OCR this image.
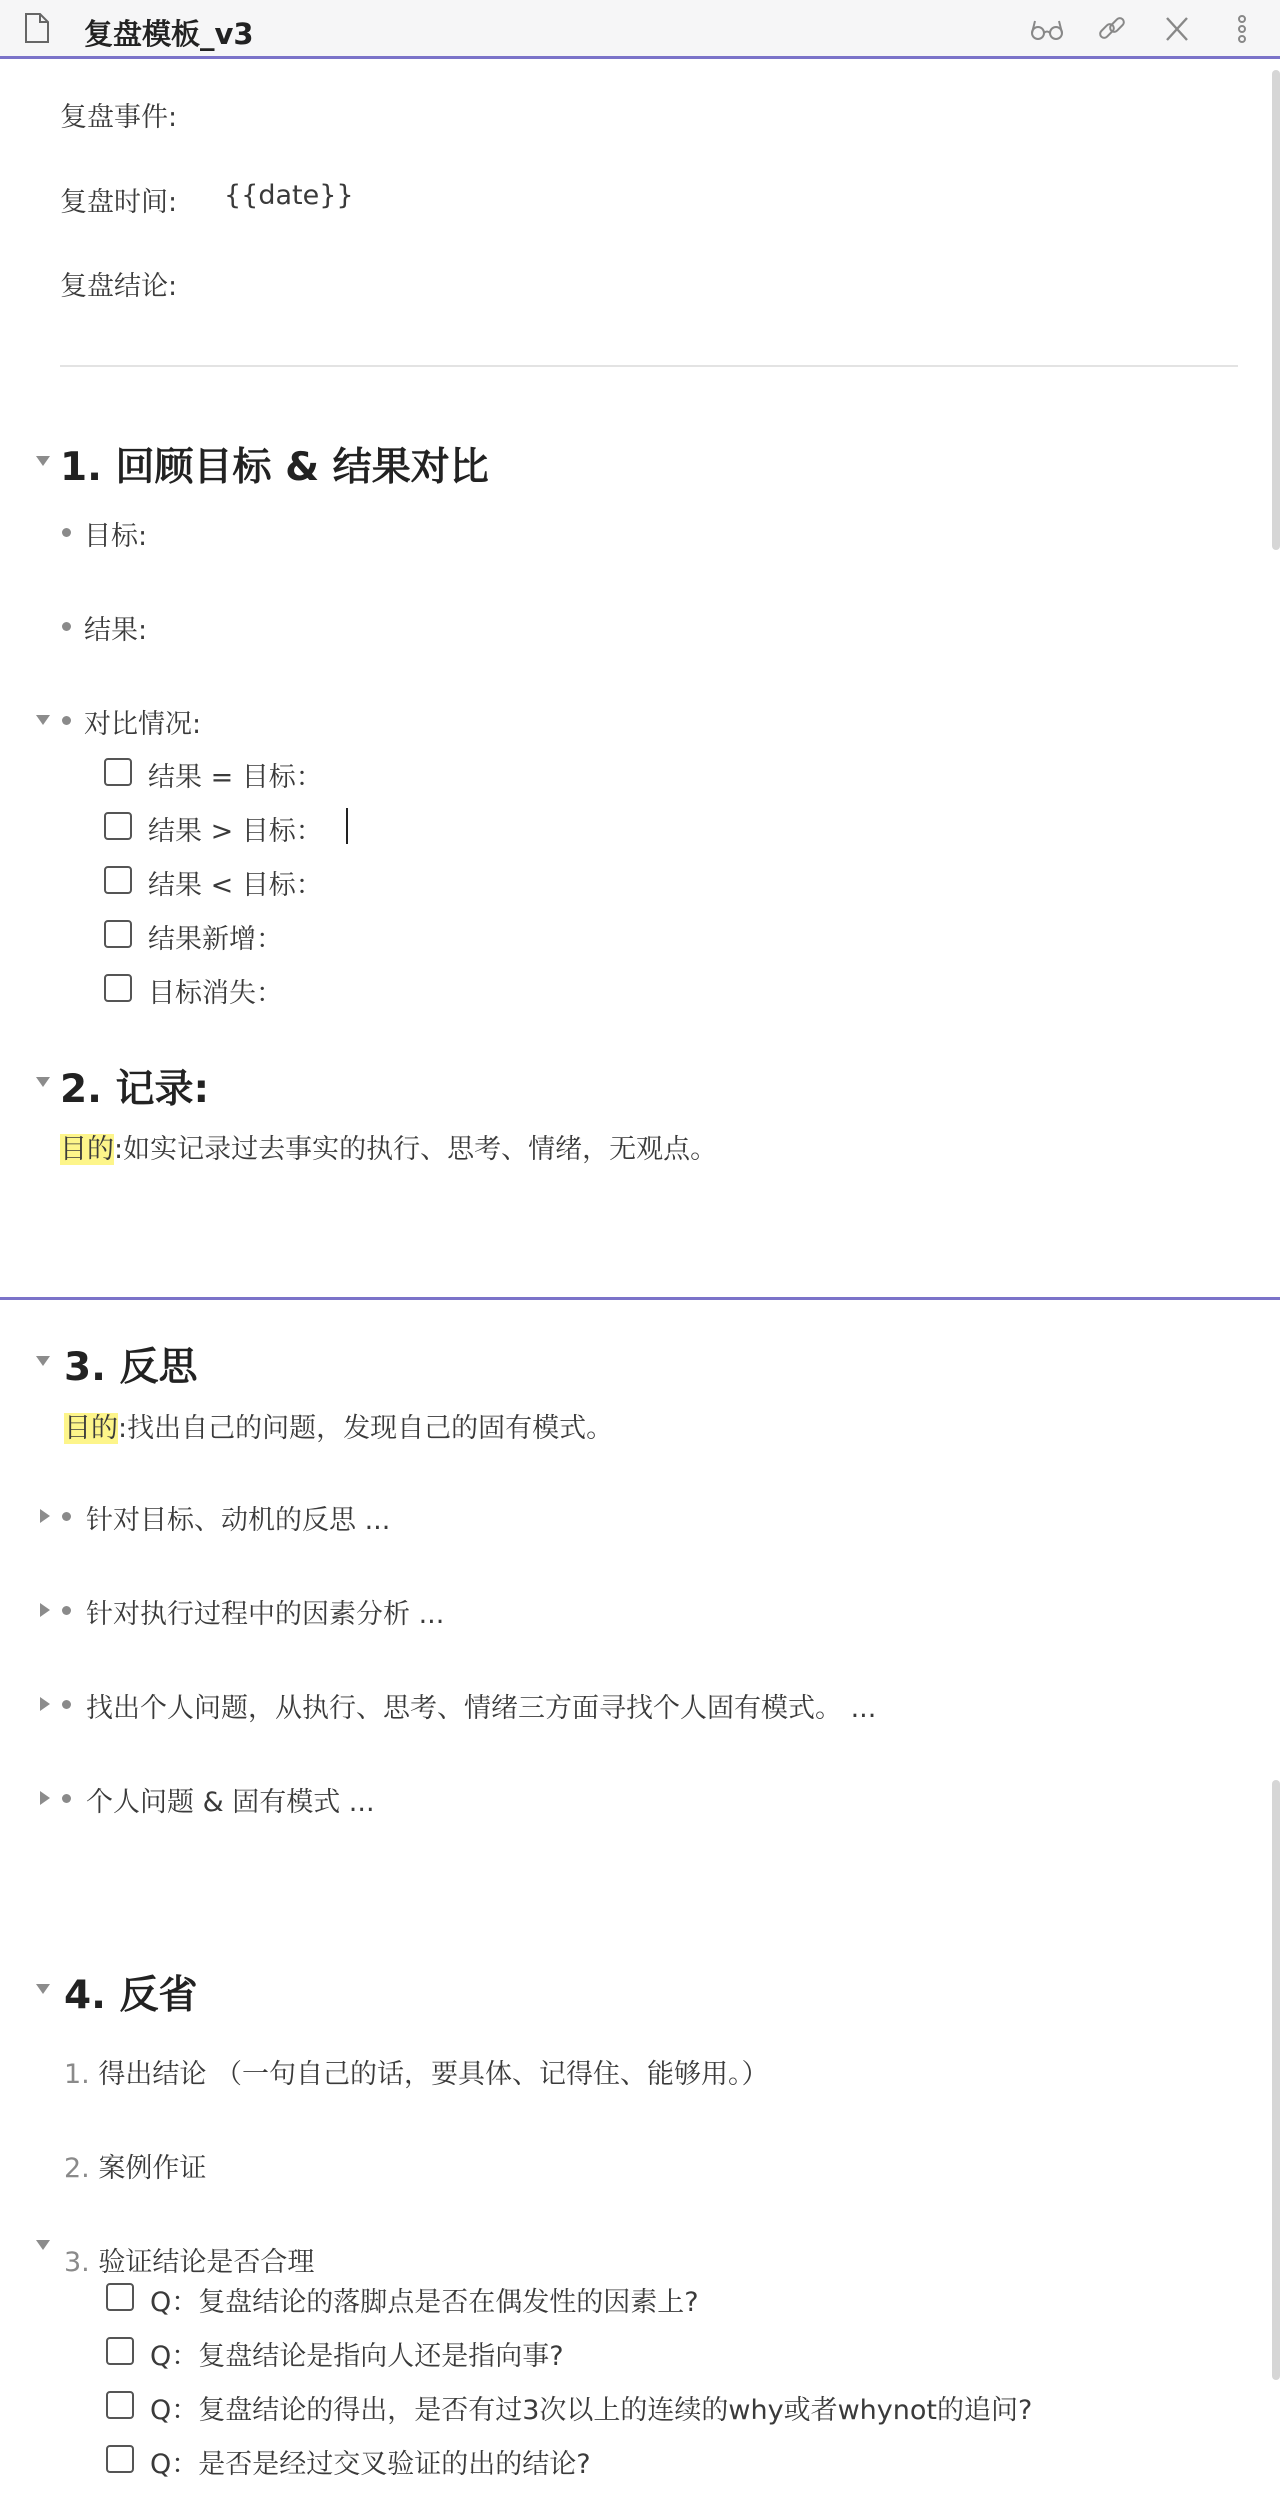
复盘模板_v3
复盘事件:
复盘时间: {{date}}
复盘结论:
1. 回顾目标 & 结果对比
目标:
结果:
对比情况:
结果 = 目标：
结果 > 目标：
结果 < 目标：
结果新增：
目标消失：
2. 记录:
目的:如实记录过去事实的执行、思考、情绪，无观点。
3. 反思
目的:找出自己的问题，发现自己的固有模式。
针对目标、动机的反思 ...
针对执行过程中的因素分析 ...
找出个人问题，从执行、思考、情绪三方面寻找个人固有模式。 ...
个人问题 & 固有模式 ...
4. 反省
1. 得出结论 （一句自己的话，要具体、记得住、能够用。）
2. 案例作证
3. 验证结论是否合理
Q：复盘结论的落脚点是否在偶发性的因素上?
Q：复盘结论是指向人还是指向事?
Q：复盘结论的得出，是否有过3次以上的连续的why或者whynot的追问?
Q：是否是经过交叉验证的出的结论?
